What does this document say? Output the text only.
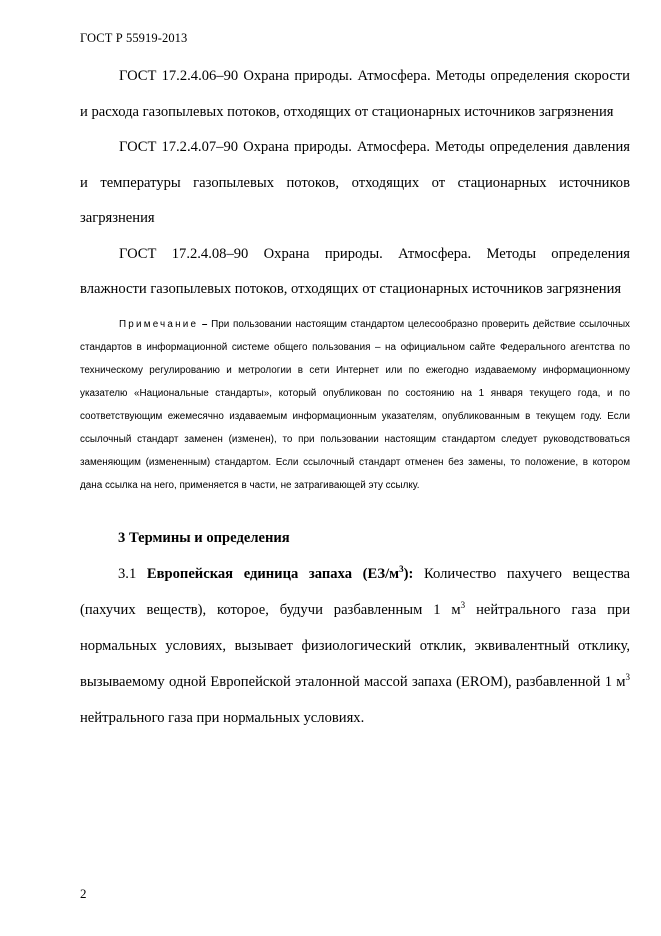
ГОСТ Р 55919-2013

ГОСТ 17.2.4.06–90 Охрана природы. Атмосфера. Методы определения скорости и расхода газопылевых потоков, отходящих от стационарных источников загрязнения

ГОСТ 17.2.4.07–90 Охрана природы. Атмосфера. Методы определения давления и температуры газопылевых потоков, отходящих от стационарных источников загрязнения

ГОСТ 17.2.4.08–90 Охрана природы. Атмосфера. Методы определения влажности газопылевых потоков, отходящих от стационарных источников загрязнения

Примечание – При пользовании настоящим стандартом целесообразно проверить действие ссылочных стандартов в информационной системе общего пользования – на официальном сайте Федерального агентства по техническому регулированию и метрологии в сети Интернет или по ежегодно издаваемому информационному указателю «Национальные стандарты», который опубликован по состоянию на 1 января текущего года, и по соответствующим ежемесячно издаваемым информационным указателям, опубликованным в текущем году. Если ссылочный стандарт заменен (изменен), то при пользовании настоящим стандартом следует руководствоваться заменяющим (измененным) стандартом. Если ссылочный стандарт отменен без замены, то положение, в котором дана ссылка на него, применяется в части, не затрагивающей эту ссылку.

3 Термины и определения

3.1 Европейская единица запаха $(ЕЗ/м^3)$: Количество пахучего вещества (пахучих веществ), которое, будучи разбавленным 1 $м^3$ нейтрального газа при нормальных условиях, вызывает физиологический отклик, эквивалентный отклику, вызываемому одной Европейской эталонной массой запаха (EROM), разбавленной 1 $м^3$ нейтрального газа при нормальных условиях.

2
